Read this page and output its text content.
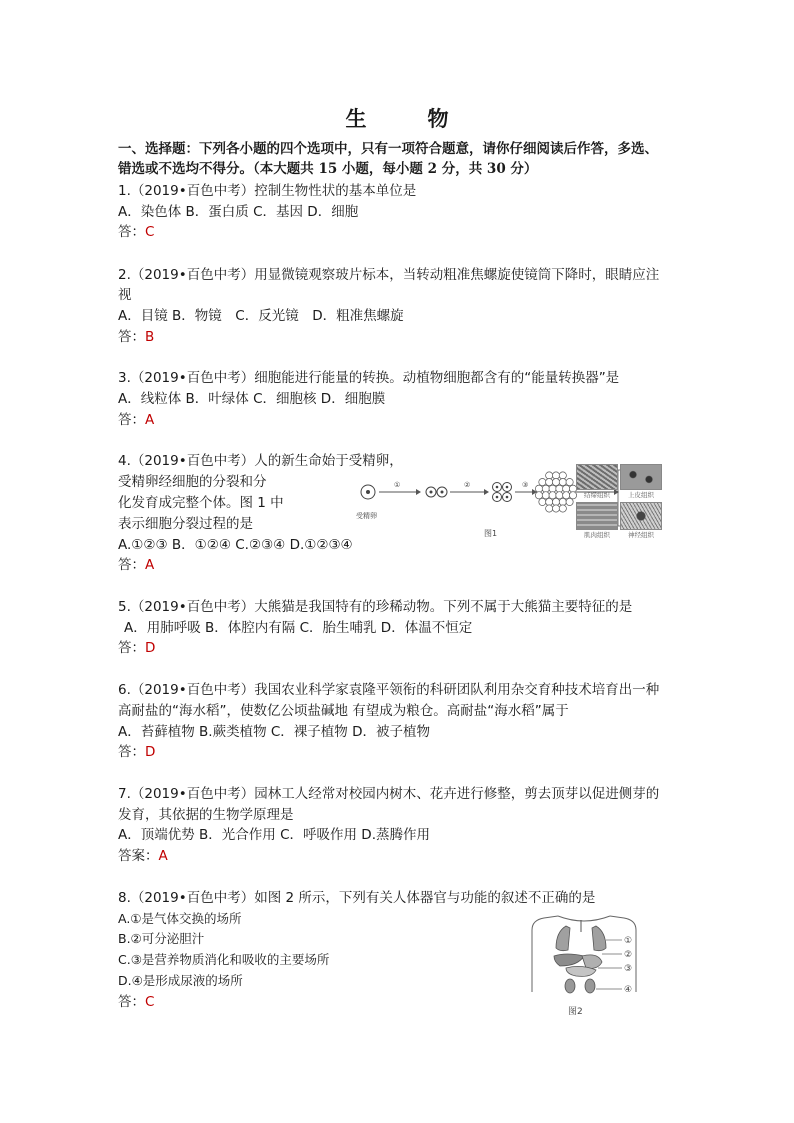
生　物
一、选择题：下列各小题的四个选项中，只有一项符合题意，请你仔细阅读后作答，多选、
错选或不选均不得分。（本大题共 15 小题，每小题 2 分，共 30 分）
1.（2019•百色中考）控制生物性状的基本单位是
A．染色体 B．蛋白质 C．基因 D．细胞
答：C
2.（2019•百色中考）用显微镜观察玻片标本，当转动粗准焦螺旋使镜筒下降时，眼睛应注
视
A．目镜 B．物镜　C．反光镜　D．粗准焦螺旋
答：B
3.（2019•百色中考）细胞能进行能量的转换。动植物细胞都含有的“能量转换器”是
A．线粒体 B．叶绿体 C．细胞核 D．细胞膜
答：A
4.（2019•百色中考）人的新生命始于受精卵，
受精卵经细胞的分裂和分
化发育成完整个体。图 1 中
表示细胞分裂过程的是
A.①②③ B．①②④ C.②③④ D.①②③④
答：A
受精卵
①	②	③
图1
结缔组织	上皮组织
肌肉组织	神经组织
5.（2019•百色中考）大熊猫是我国特有的珍稀动物。下列不属于大熊猫主要特征的是
A．用肺呼吸 B．体腔内有隔 C．胎生哺乳 D．体温不恒定
答：D
6.（2019•百色中考）我国农业科学家袁隆平领衔的科研团队利用杂交育种技术培育出一种
高耐盐的“海水稻”，使数亿公顷盐碱地 有望成为粮仓。高耐盐“海水稻”属于
A．苔藓植物 B.蕨类植物 C．裸子植物 D．被子植物
答：D
7.（2019•百色中考）园林工人经常对校园内树木、花卉进行修整，剪去顶芽以促进侧芽的
发育，其依据的生物学原理是
A．顶端优势 B．光合作用 C．呼吸作用 D.蒸腾作用
答案：A
8.（2019•百色中考）如图 2 所示，下列有关人体器官与功能的叙述不正确的是
A.①是气体交换的场所
B.②可分泌胆汁
C.③是营养物质消化和吸收的主要场所
D.④是形成尿液的场所
答：C
①
②
③
④
图2
